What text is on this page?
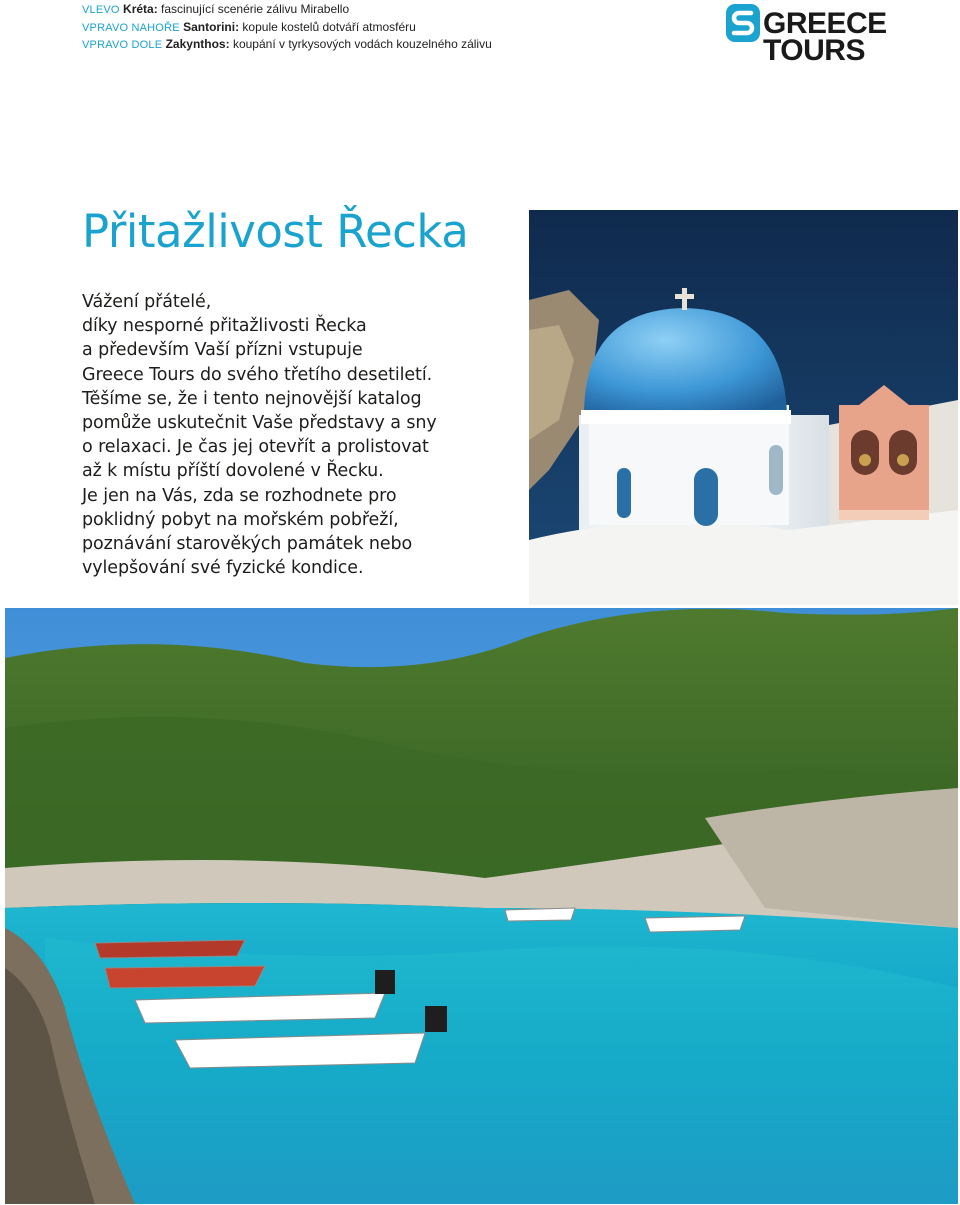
VLEVO Kréta: fascinující scenérie zálivu Mirabello
VPRAVO NAHOŘE Santorini: kopule kostelů dotváří atmosféru
VPRAVO DOLE Zakynthos: koupání v tyrkysových vodách kouzelného zálivu
GREECE
TOURS
Přitažlivost Řecka
Vážení přátelé,
díky nesporné přitažlivosti Řecka
a především Vaší přízni vstupuje
Greece Tours do svého třetího desetiletí.
Těšíme se, že i tento nejnovější katalog
pomůže uskutečnit Vaše představy a sny
o relaxaci. Je čas jej otevřít a prolistovat
až k místu příští dovolené v Řecku.
Je jen na Vás, zda se rozhodnete pro
poklidný pobyt na mořském pobřeží,
poznávání starověkých památek nebo
vylepšování své fyzické kondice.
